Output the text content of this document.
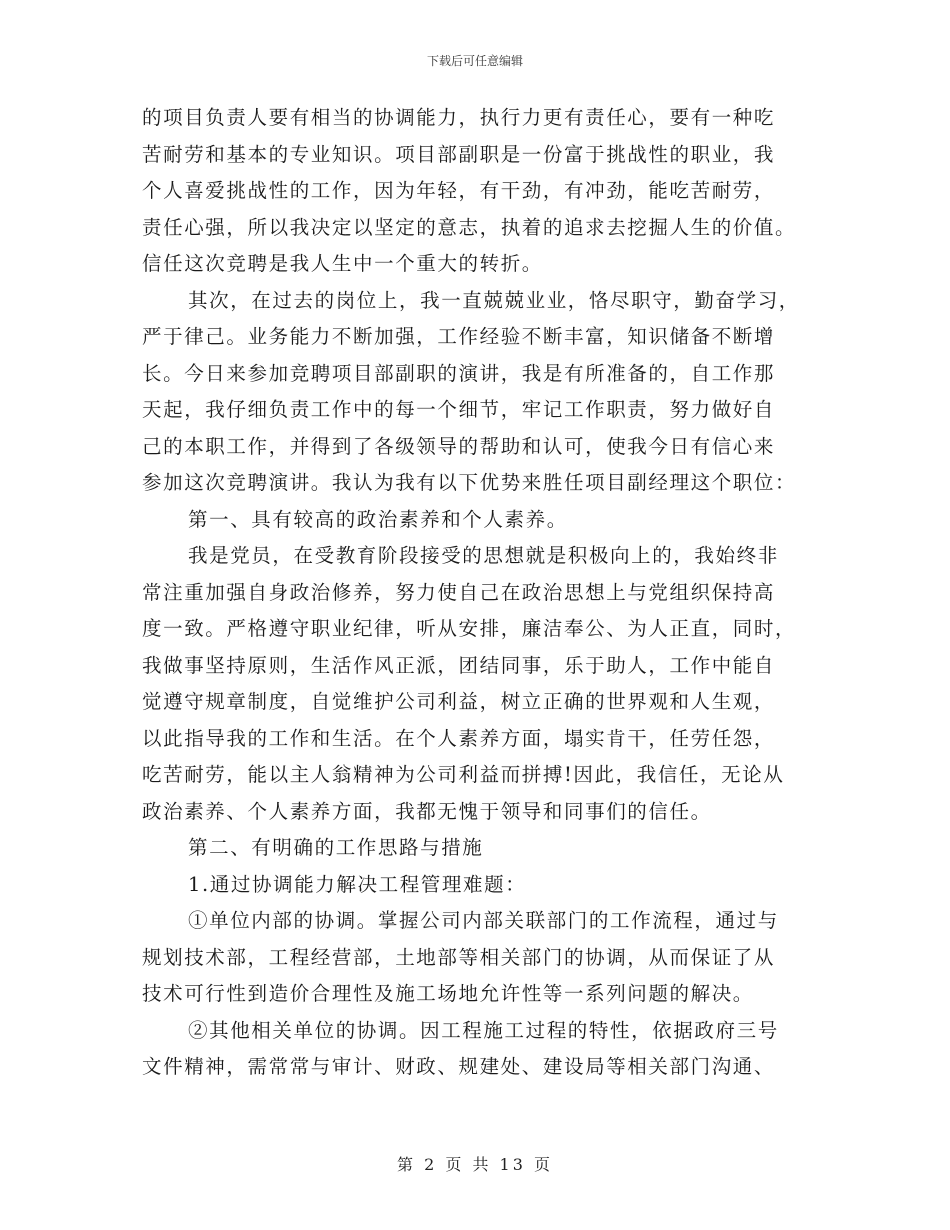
下载后可任意编辑
的项目负责人要有相当的协调能力，执行力更有责任心，要有一种吃
苦耐劳和基本的专业知识。项目部副职是一份富于挑战性的职业，我
个人喜爱挑战性的工作，因为年轻，有干劲，有冲劲，能吃苦耐劳，
责任心强，所以我决定以坚定的意志，执着的追求去挖掘人生的价值。
信任这次竞聘是我人生中一个重大的转折。
其次，在过去的岗位上，我一直兢兢业业，恪尽职守，勤奋学习，
严于律己。业务能力不断加强，工作经验不断丰富，知识储备不断增
长。今日来参加竞聘项目部副职的演讲，我是有所准备的，自工作那
天起，我仔细负责工作中的每一个细节，牢记工作职责，努力做好自
己的本职工作，并得到了各级领导的帮助和认可，使我今日有信心来
参加这次竞聘演讲。我认为我有以下优势来胜任项目副经理这个职位：
第一、具有较高的政治素养和个人素养。
我是党员，在受教育阶段接受的思想就是积极向上的，我始终非
常注重加强自身政治修养，努力使自己在政治思想上与党组织保持高
度一致。严格遵守职业纪律，听从安排，廉洁奉公、为人正直，同时，
我做事坚持原则，生活作风正派，团结同事，乐于助人，工作中能自
觉遵守规章制度，自觉维护公司利益，树立正确的世界观和人生观，
以此指导我的工作和生活。在个人素养方面，塌实肯干，任劳任怨，
吃苦耐劳，能以主人翁精神为公司利益而拼搏!因此，我信任，无论从
政治素养、个人素养方面，我都无愧于领导和同事们的信任。
第二、有明确的工作思路与措施
1.通过协调能力解决工程管理难题：
①单位内部的协调。掌握公司内部关联部门的工作流程，通过与
规划技术部，工程经营部，土地部等相关部门的协调，从而保证了从
技术可行性到造价合理性及施工场地允许性等一系列问题的解决。
②其他相关单位的协调。因工程施工过程的特性，依据政府三号
文件精神，需常常与审计、财政、规建处、建设局等相关部门沟通、
第 2 页 共 13 页
